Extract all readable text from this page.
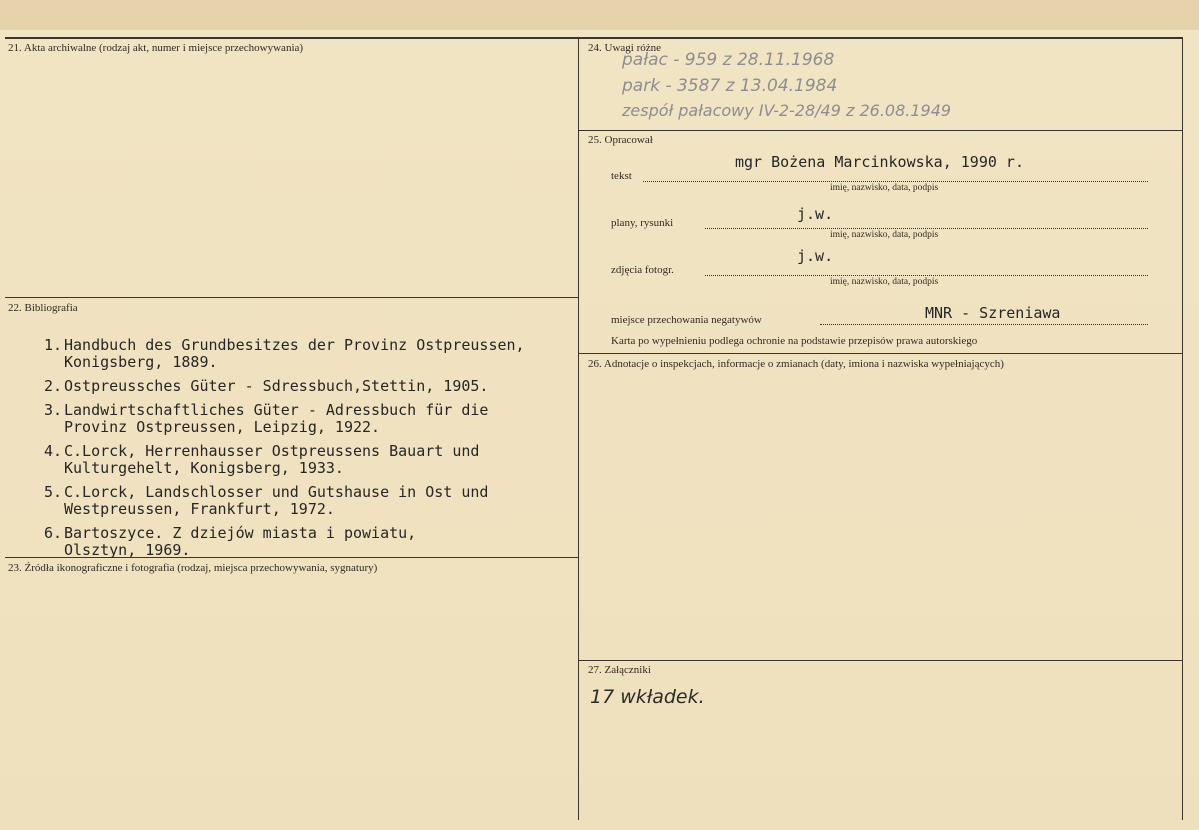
21. Akta archiwalne (rodzaj akt, numer i miejsce przechowywania)
22. Bibliografia
1. Handbuch des Grundbesitzes der Provinz Ostpreussen,
Konigsberg, 1889.
2. Ostpreussches Güter - Sdressbuch,Stettin, 1905.
3. Landwirtschaftliches Güter - Adressbuch für die
Provinz Ostpreussen, Leipzig, 1922.
4. C.Lorck, Herrenhausser Ostpreussens Bauart und
Kulturgehelt, Konigsberg, 1933.
5. C.Lorck, Landschlosser und Gutshause in Ost und
Westpreussen, Frankfurt, 1972.
6. Bartoszyce. Z dziejów miasta i powiatu,
Olsztyn, 1969.
23. Źródła ikonograficzne i fotografia (rodzaj, miejsca przechowywania, sygnatury)
24. Uwagi różne
pałac - 959 z 28.11.1968
park - 3587 z 13.04.1984
zespół pałacowy IV-2-28/49 z 26.08.1949
25. Opracował
tekst
mgr Bożena Marcinkowska, 1990 r.
imię, nazwisko, data, podpis
plany, rysunki	j.w.
imię, nazwisko, data, podpis
zdjęcia fotogr.
j.w.
imię, nazwisko, data, podpis
miejsce przechowania negatywów	MNR - Szreniawa
Karta po wypełnieniu podlega ochronie na podstawie przepisów prawa autorskiego
26. Adnotacje o inspekcjach, informacje o zmianach (daty, imiona i nazwiska wypełniających)
27. Załączniki
17 wkładek.
